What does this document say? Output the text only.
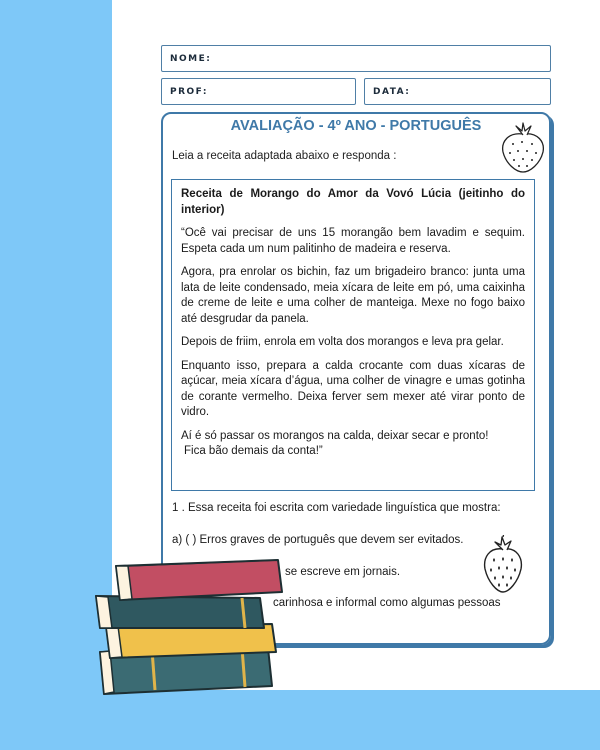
NOME:
PROF:	DATA:
AVALIAÇÃO - 4º ANO - PORTUGUÊS
Leia a receita adaptada abaixo e responda :

Receita de Morango do Amor da Vovó Lúcia (jeitinho do interior)

“Ocê vai precisar de uns 15 morangão bem lavadim e sequim. Espeta cada um num palitinho de madeira e reserva.

Agora, pra enrolar os bichin, faz um brigadeiro branco: junta uma lata de leite condensado, meia xícara de leite em pó, uma caixinha de creme de leite e uma colher de manteiga. Mexe no fogo baixo até desgrudar da panela.

Depois de friim, enrola em volta dos morangos e leva pra gelar.

Enquanto isso, prepara a calda crocante com duas xícaras de açúcar, meia xícara d’água, uma colher de vinagre e umas gotinha de corante vermelho. Deixa ferver sem mexer até virar ponto de vidro.

Aí é só passar os morangos na calda, deixar secar e pronto!

Fica bão demais da conta!”

1 . Essa receita foi escrita com variedade linguística que mostra:
a) ( ) Erros graves de português que devem ser evitados.
se escreve em jornais.
carinhosa e informal como algumas pessoas
